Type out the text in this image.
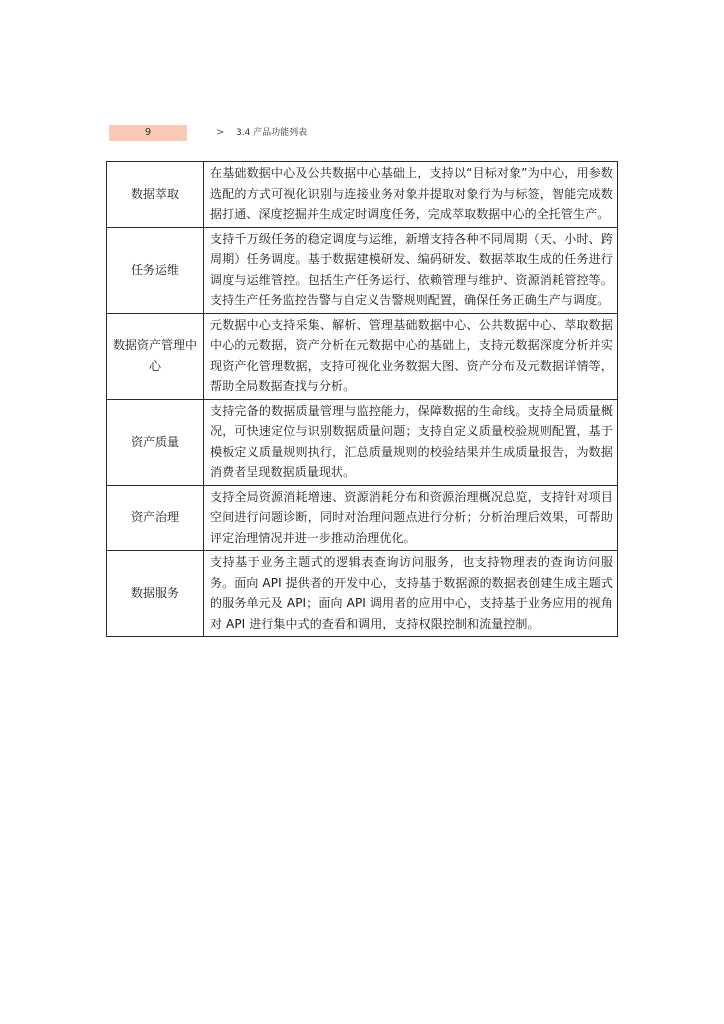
9	> 3.4 产品功能列表
数据萃取	在基础数据中心及公共数据中心基础上，支持以“目标对象”为中心，用参数选配的方式可视化识别与连接业务对象并提取对象行为与标签，智能完成数据打通、深度挖掘并生成定时调度任务，完成萃取数据中心的全托管生产。
任务运维	支持千万级任务的稳定调度与运维，新增支持各种不同周期（天、小时、跨周期）任务调度。基于数据建模研发、编码研发、数据萃取生成的任务进行调度与运维管控。包括生产任务运行、依赖管理与维护、资源消耗管控等。支持生产任务监控告警与自定义告警规则配置，确保任务正确生产与调度。
数据资产管理中心	元数据中心支持采集、解析、管理基础数据中心、公共数据中心、萃取数据中心的元数据，资产分析在元数据中心的基础上，支持元数据深度分析并实现资产化管理数据，支持可视化业务数据大图、资产分布及元数据详情等，帮助全局数据查找与分析。
资产质量	支持完备的数据质量管理与监控能力，保障数据的生命线。支持全局质量概况，可快速定位与识别数据质量问题；支持自定义质量校验规则配置，基于模板定义质量规则执行，汇总质量规则的校验结果并生成质量报告，为数据消费者呈现数据质量现状。
资产治理	支持全局资源消耗增速、资源消耗分布和资源治理概况总览，支持针对项目空间进行问题诊断，同时对治理问题点进行分析；分析治理后效果，可帮助评定治理情况并进一步推动治理优化。
数据服务	支持基于业务主题式的逻辑表查询访问服务，也支持物理表的查询访问服务。面向 API 提供者的开发中心，支持基于数据源的数据表创建生成主题式的服务单元及 API；面向 API 调用者的应用中心，支持基于业务应用的视角对 API 进行集中式的查看和调用，支持权限控制和流量控制。
